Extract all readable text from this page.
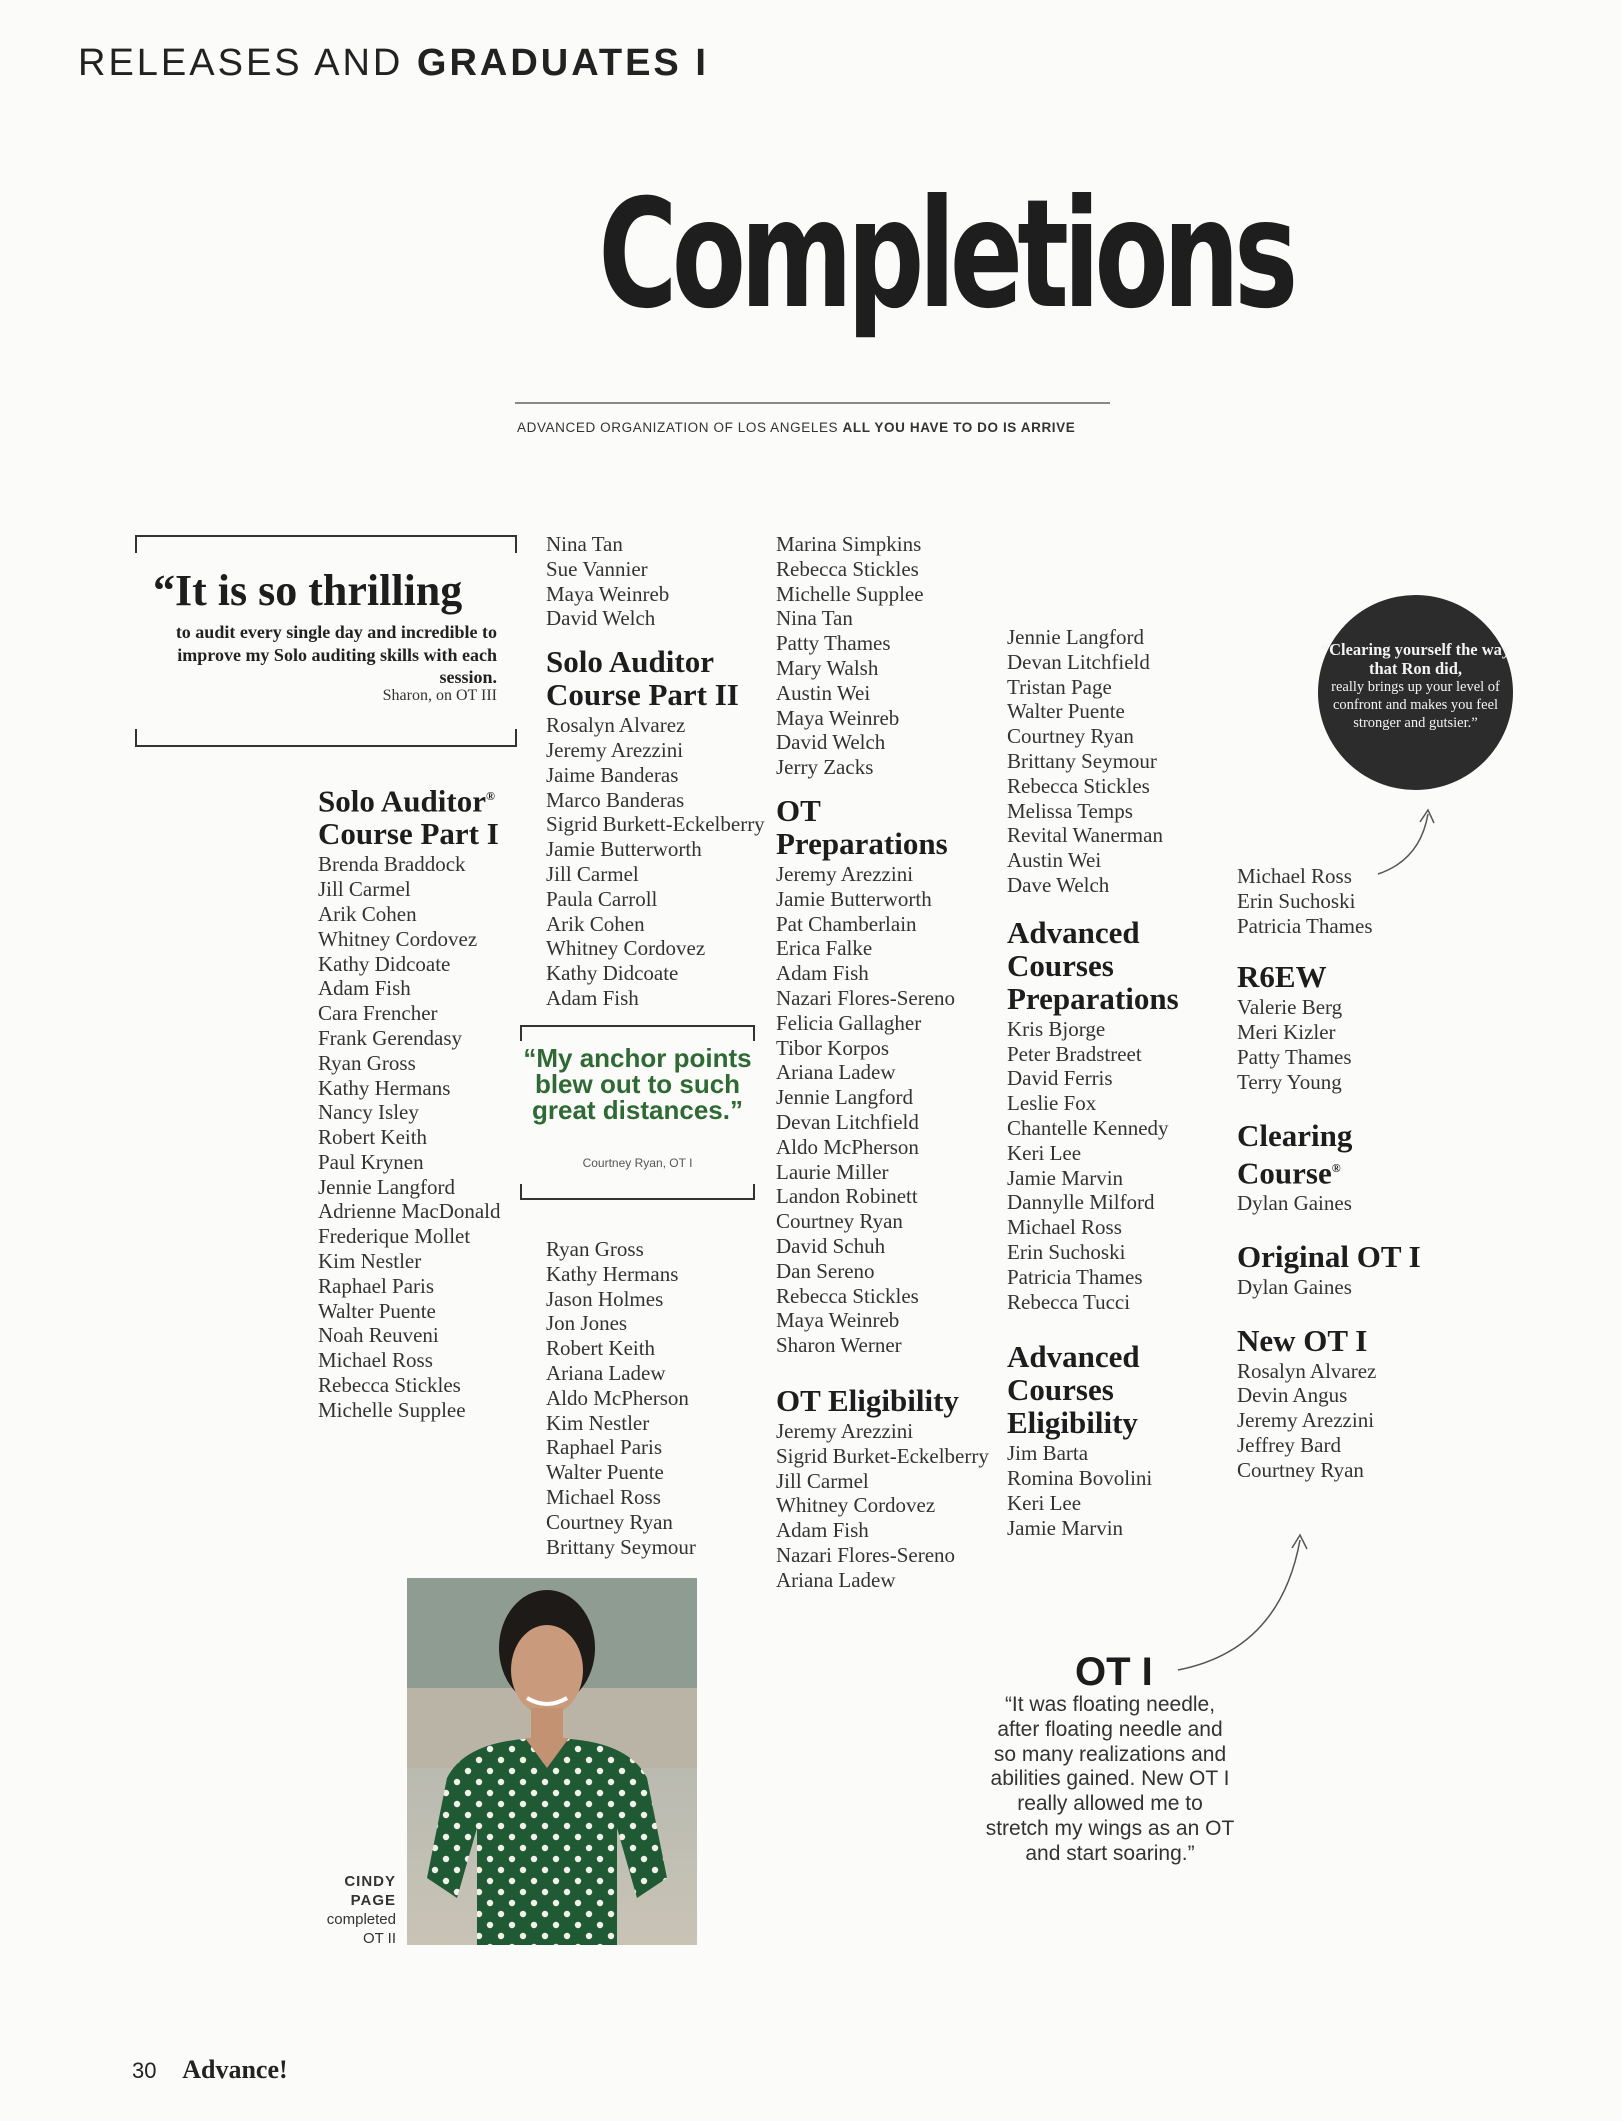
RELEASES AND GRADUATES I
Completions
ADVANCED ORGANIZATION OF LOS ANGELES ALL YOU HAVE TO DO IS ARRIVE
“It is so thrilling
to audit every single day and incredible to improve my Solo auditing skills with each session.
Sharon, on OT III
Solo Auditor®
Course Part I
Brenda Braddock
Jill Carmel
Arik Cohen
Whitney Cordovez
Kathy Didcoate
Adam Fish
Cara Frencher
Frank Gerendasy
Ryan Gross
Kathy Hermans
Nancy Isley
Robert Keith
Paul Krynen
Jennie Langford
Adrienne MacDonald
Frederique Mollet
Kim Nestler
Raphael Paris
Walter Puente
Noah Reuveni
Michael Ross
Rebecca Stickles
Michelle Supplee
Nina Tan
Sue Vannier
Maya Weinreb
David Welch
Solo Auditor Course Part II
Rosalyn Alvarez
Jeremy Arezzini
Jaime Banderas
Marco Banderas
Sigrid Burkett-Eckelberry
Jamie Butterworth
Jill Carmel
Paula Carroll
Arik Cohen
Whitney Cordovez
Kathy Didcoate
Adam Fish
Ryan Gross
Kathy Hermans
Jason Holmes
Jon Jones
Robert Keith
Ariana Ladew
Aldo McPherson
Kim Nestler
Raphael Paris
Walter Puente
Michael Ross
Courtney Ryan
Brittany Seymour
“My anchor points blew out to such great distances.”
Courtney Ryan, OT I
Marina Simpkins
Rebecca Stickles
Michelle Supplee
Nina Tan
Patty Thames
Mary Walsh
Austin Wei
Maya Weinreb
David Welch
Jerry Zacks
OT Preparations
Jeremy Arezzini
Jamie Butterworth
Pat Chamberlain
Erica Falke
Adam Fish
Nazari Flores-Sereno
Felicia Gallagher
Tibor Korpos
Ariana Ladew
Jennie Langford
Devan Litchfield
Aldo McPherson
Laurie Miller
Landon Robinett
Courtney Ryan
David Schuh
Dan Sereno
Rebecca Stickles
Maya Weinreb
Sharon Werner
OT Eligibility
Jeremy Arezzini
Sigrid Burket-Eckelberry
Jill Carmel
Whitney Cordovez
Adam Fish
Nazari Flores-Sereno
Ariana Ladew
Jennie Langford
Devan Litchfield
Tristan Page
Walter Puente
Courtney Ryan
Brittany Seymour
Rebecca Stickles
Melissa Temps
Revital Wanerman
Austin Wei
Dave Welch
Advanced Courses Preparations
Kris Bjorge
Peter Bradstreet
David Ferris
Leslie Fox
Chantelle Kennedy
Keri Lee
Jamie Marvin
Dannylle Milford
Michael Ross
Erin Suchoski
Patricia Thames
Rebecca Tucci
Advanced Courses Eligibility
Jim Barta
Romina Bovolini
Keri Lee
Jamie Marvin
“Clearing yourself the way that Ron did,
really brings up your level of confront and makes you feel stronger and gutsier.”
Michael Ross
Erin Suchoski
Patricia Thames
R6EW
Valerie Berg
Meri Kizler
Patty Thames
Terry Young
Clearing Course®
Dylan Gaines
Original OT I
Dylan Gaines
New OT I
Rosalyn Alvarez
Devin Angus
Jeremy Arezzini
Jeffrey Bard
Courtney Ryan
CINDY
PAGE
completed
OT II
OT I
“It was floating needle, after floating needle and so many realizations and abilities gained. New OT I really allowed me to stretch my wings as an OT and start soaring.”
30 Advance!
